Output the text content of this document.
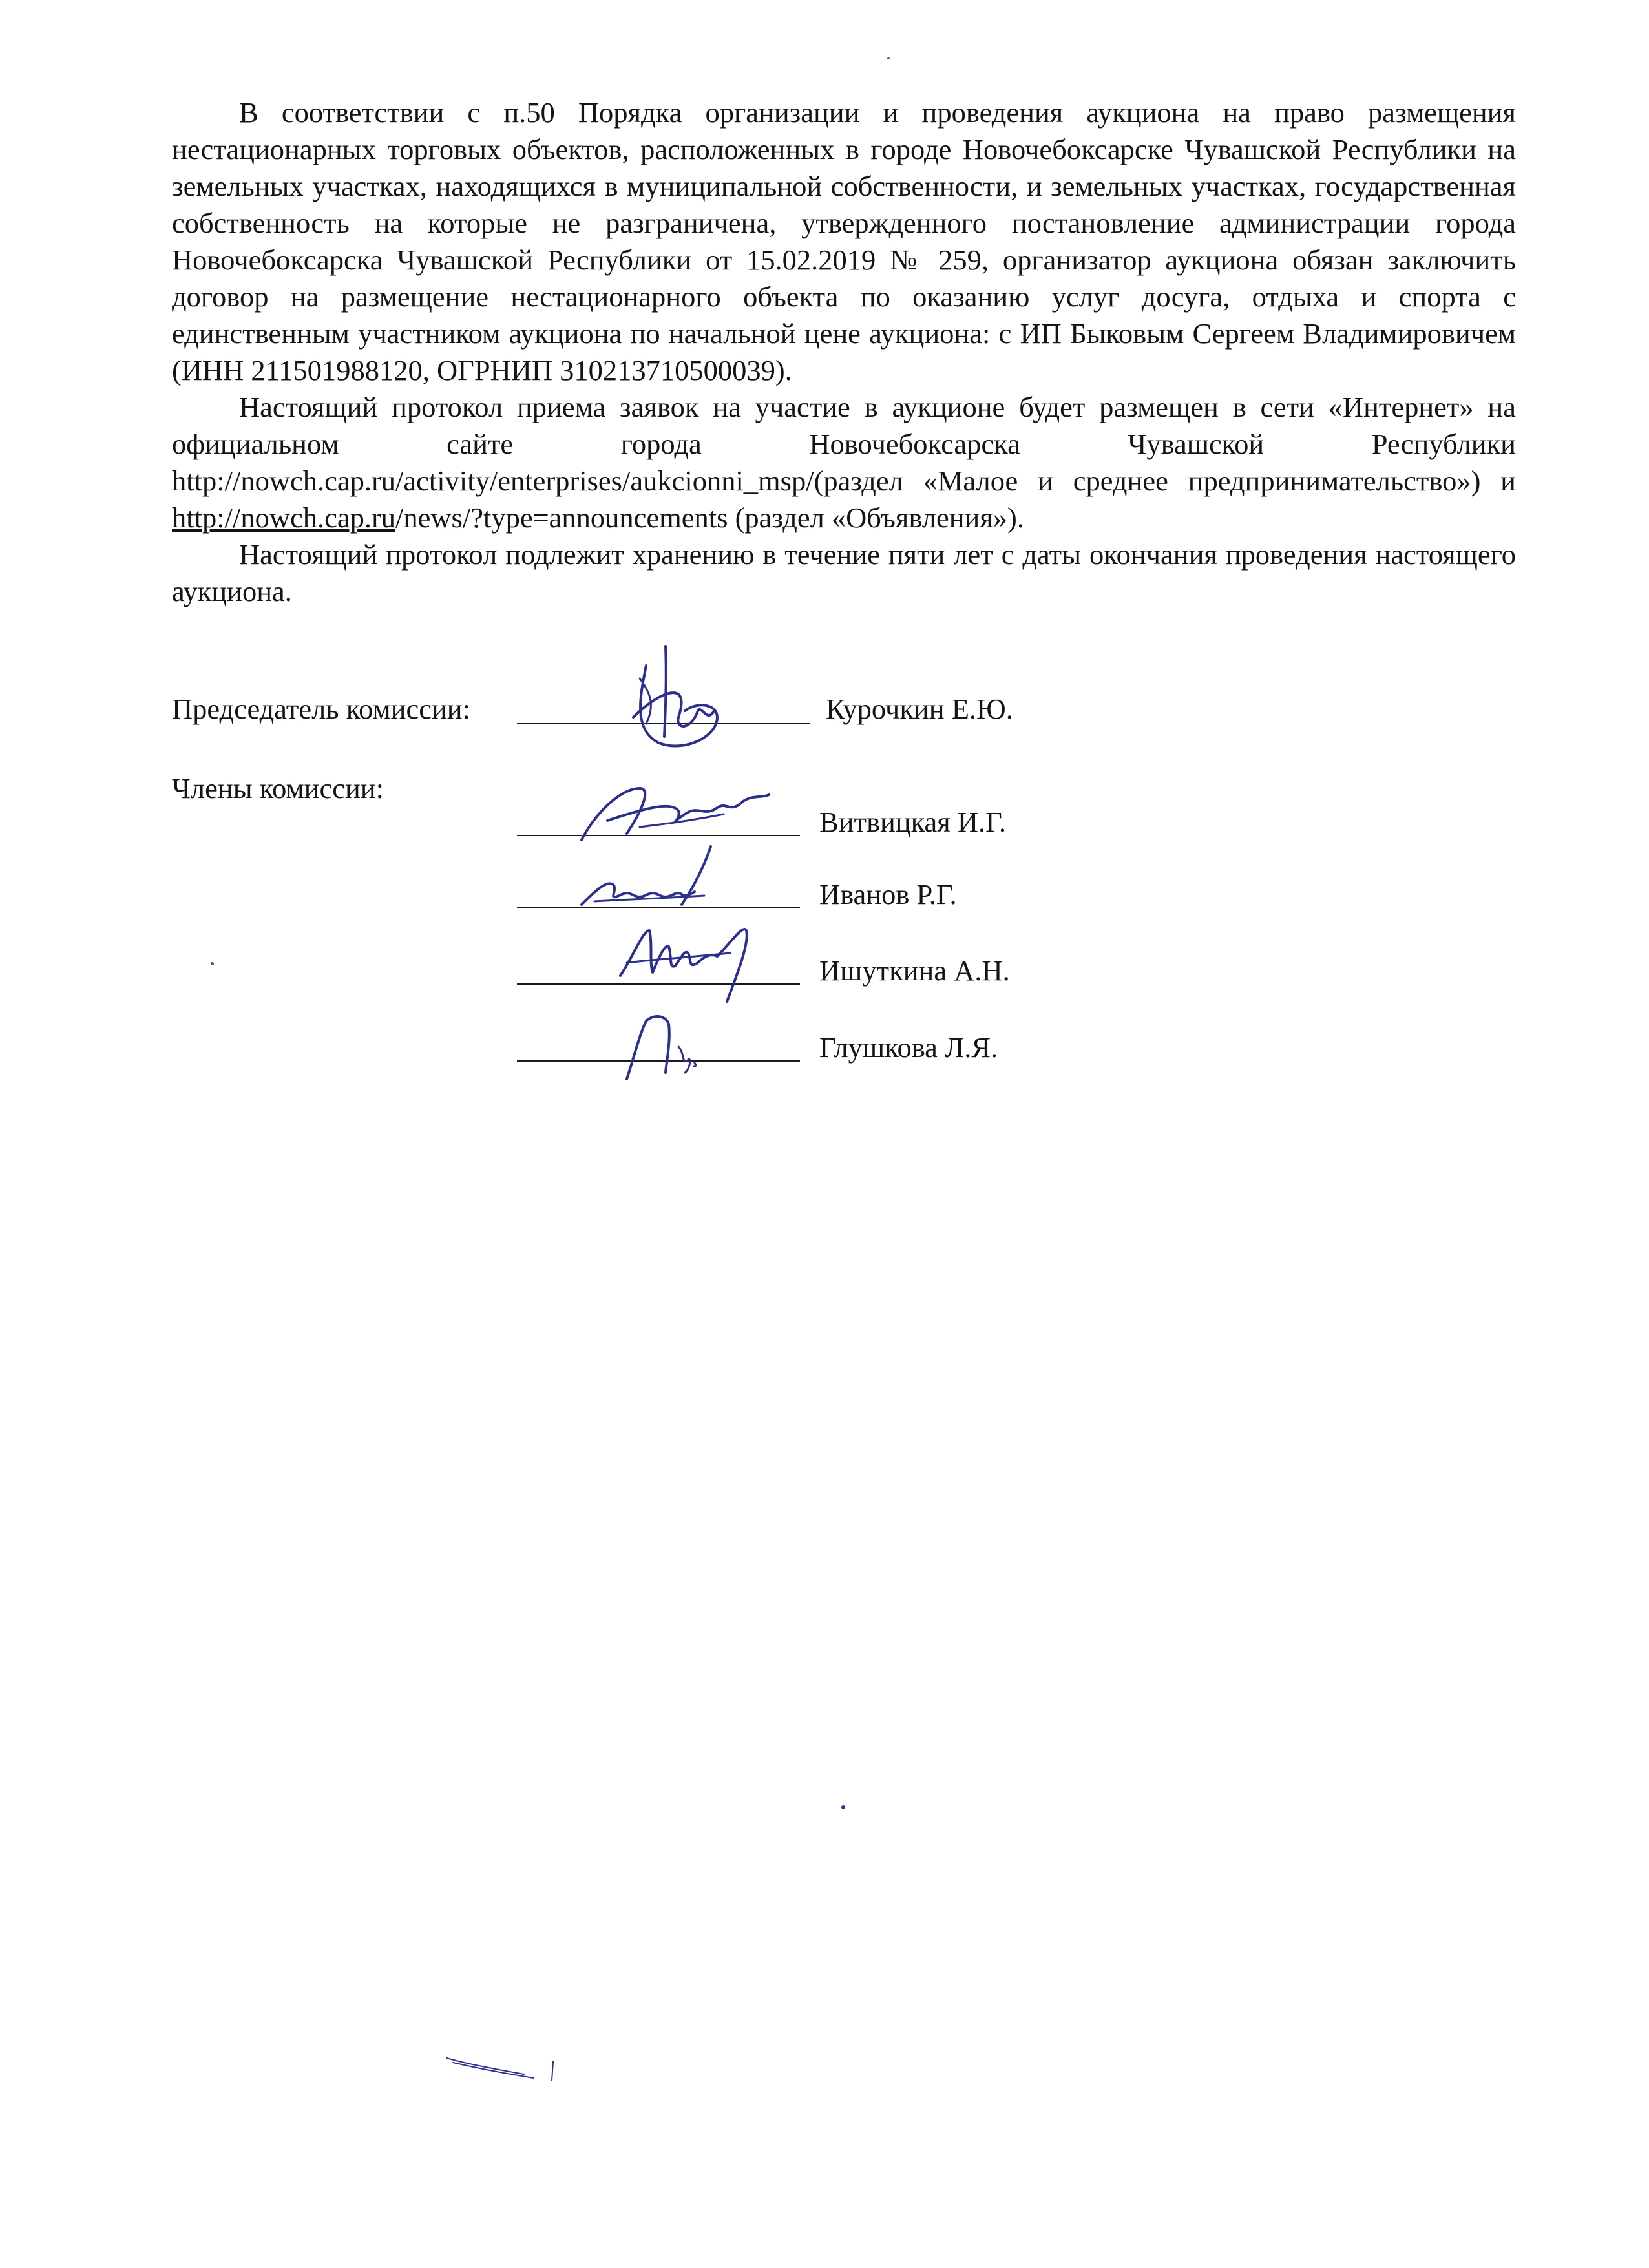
В соответствии с п.50 Порядка организации и проведения аукциона на право размещения нестационарных торговых объектов, расположенных в городе Новочебоксарске Чувашской Республики на земельных участках, находящихся в муниципальной собственности, и земельных участках, государственная собственность на которые не разграничена, утвержденного постановление администрации города Новочебоксарска Чувашской Республики от 15.02.2019 № 259, организатор аукциона обязан заключить договор на размещение нестационарного объекта по оказанию услуг досуга, отдыха и спорта с единственным участником аукциона по начальной цене аукциона: с ИП Быковым Сергеем Владимировичем (ИНН 211501988120, ОГРНИП 310213710500039).

Настоящий протокол приема заявок на участие в аукционе будет размещен в сети «Интернет» на официальном сайте города Новочебоксарска Чувашской Республики http://nowch.cap.ru/activity/enterprises/aukcionni_msp/(раздел «Малое и среднее предпринимательство») и http://nowch.cap.ru/news/?type=announcements (раздел «Объявления»).

Настоящий протокол подлежит хранению в течение пяти лет с даты окончания проведения настоящего аукциона.

Председатель комиссии:	Курочкин Е.Ю.
Члены комиссии:
Витвицкая И.Г.
Иванов Р.Г.
Ишуткина А.Н.
Глушкова Л.Я.
